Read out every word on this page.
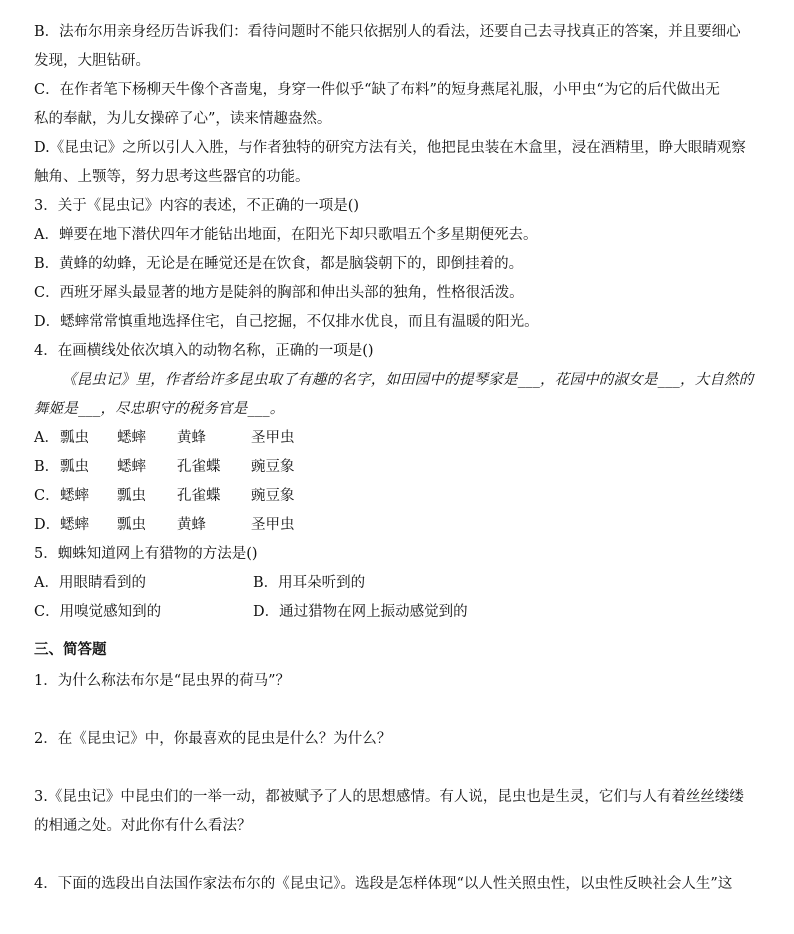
B．法布尔用亲身经历告诉我们：看待问题时不能只依据别人的看法，还要自己去寻找真正的答案，并且要细心
发现，大胆钻研。
C．在作者笔下杨柳天牛像个吝啬鬼，身穿一件似乎“缺了布料”的短身燕尾礼服，小甲虫“为它的后代做出无
私的奉献，为儿女操碎了心”，读来情趣盎然。
D.《昆虫记》之所以引人入胜，与作者独特的研究方法有关，他把昆虫装在木盒里，浸在酒精里，睁大眼睛观察
触角、上颚等，努力思考这些器官的功能。
3．关于《昆虫记》内容的表述，不正确的一项是()
A．蝉要在地下潜伏四年才能钻出地面，在阳光下却只歌唱五个多星期便死去。
B．黄蜂的幼蜂，无论是在睡觉还是在饮食，都是脑袋朝下的，即倒挂着的。
C．西班牙犀头最显著的地方是陡斜的胸部和伸出头部的独角，性格很活泼。
D．蟋蟀常常慎重地选择住宅，自己挖掘，不仅排水优良，而且有温暖的阳光。
4．在画横线处依次填入的动物名称，正确的一项是()
《昆虫记》里，作者给许多昆虫取了有趣的名字，如田园中的提琴家是___，花园中的淑女是___，大自然的
舞姬是___，尽忠职守的税务官是___。
A．瓢虫 蟋蟀 黄蜂	圣甲虫
B．瓢虫 蟋蟀 孔雀蝶 豌豆象
C．蟋蟀 瓢虫 孔雀蝶 豌豆象
D．蟋蟀 瓢虫 黄蜂	圣甲虫
5．蜘蛛知道网上有猎物的方法是()
A．用眼睛看到的	B．用耳朵听到的
C．用嗅觉感知到的	D．通过猎物在网上振动感觉到的
三、简答题
1．为什么称法布尔是“昆虫界的荷马”？
2．在《昆虫记》中，你最喜欢的昆虫是什么？为什么？
3.《昆虫记》中昆虫们的一举一动，都被赋予了人的思想感情。有人说，昆虫也是生灵，它们与人有着丝丝缕缕
的相通之处。对此你有什么看法？
4．下面的选段出自法国作家法布尔的《昆虫记》。选段是怎样体现“以人性关照虫性，以虫性反映社会人生”这
